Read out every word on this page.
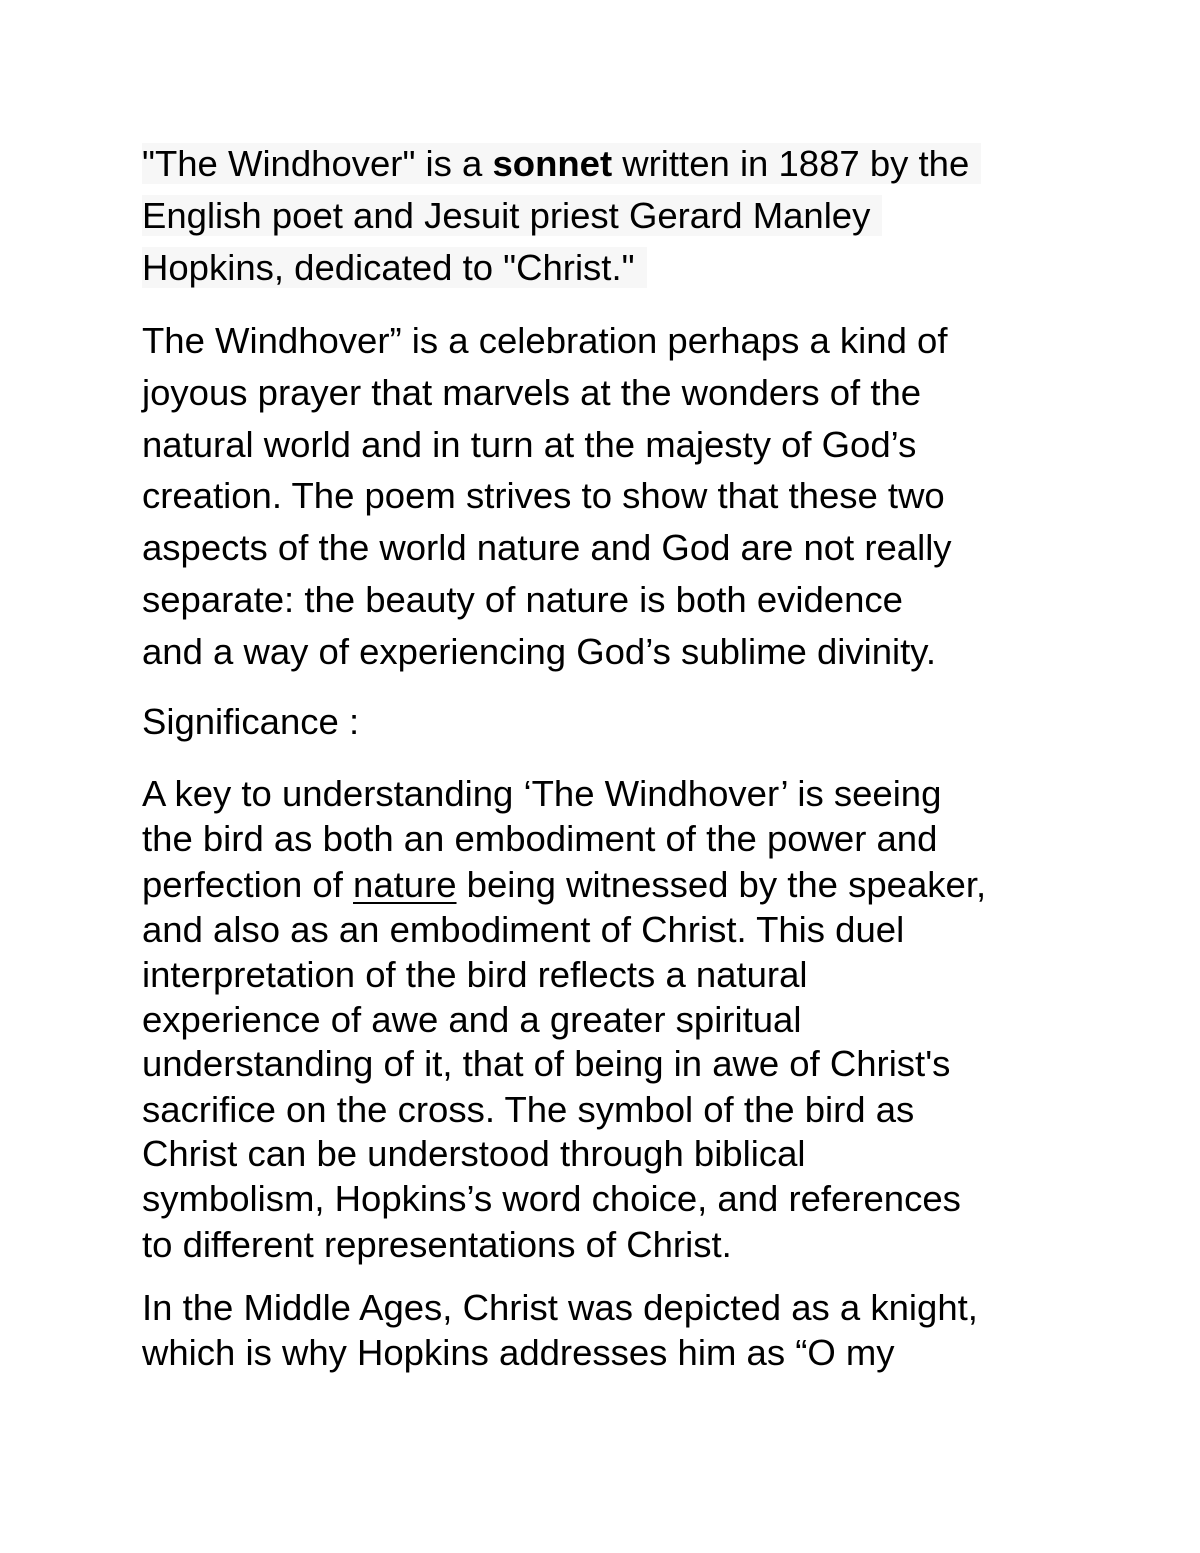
"The Windhover" is a sonnet written in 1887 by the
English poet and Jesuit priest Gerard Manley
Hopkins, dedicated to "Christ."
The Windhover” is a celebration perhaps a kind of
joyous prayer that marvels at the wonders of the
natural world and in turn at the majesty of God’s
creation. The poem strives to show that these two
aspects of the world nature and God are not really
separate: the beauty of nature is both evidence
and a way of experiencing God’s sublime divinity.
Significance :
A key to understanding ‘The Windhover’ is seeing
the bird as both an embodiment of the power and
perfection of nature being witnessed by the speaker,
and also as an embodiment of Christ. This duel
interpretation of the bird reflects a natural
experience of awe and a greater spiritual
understanding of it, that of being in awe of Christ's
sacrifice on the cross. The symbol of the bird as
Christ can be understood through biblical
symbolism, Hopkins’s word choice, and references
to different representations of Christ.
In the Middle Ages, Christ was depicted as a knight,
which is why Hopkins addresses him as “O my
